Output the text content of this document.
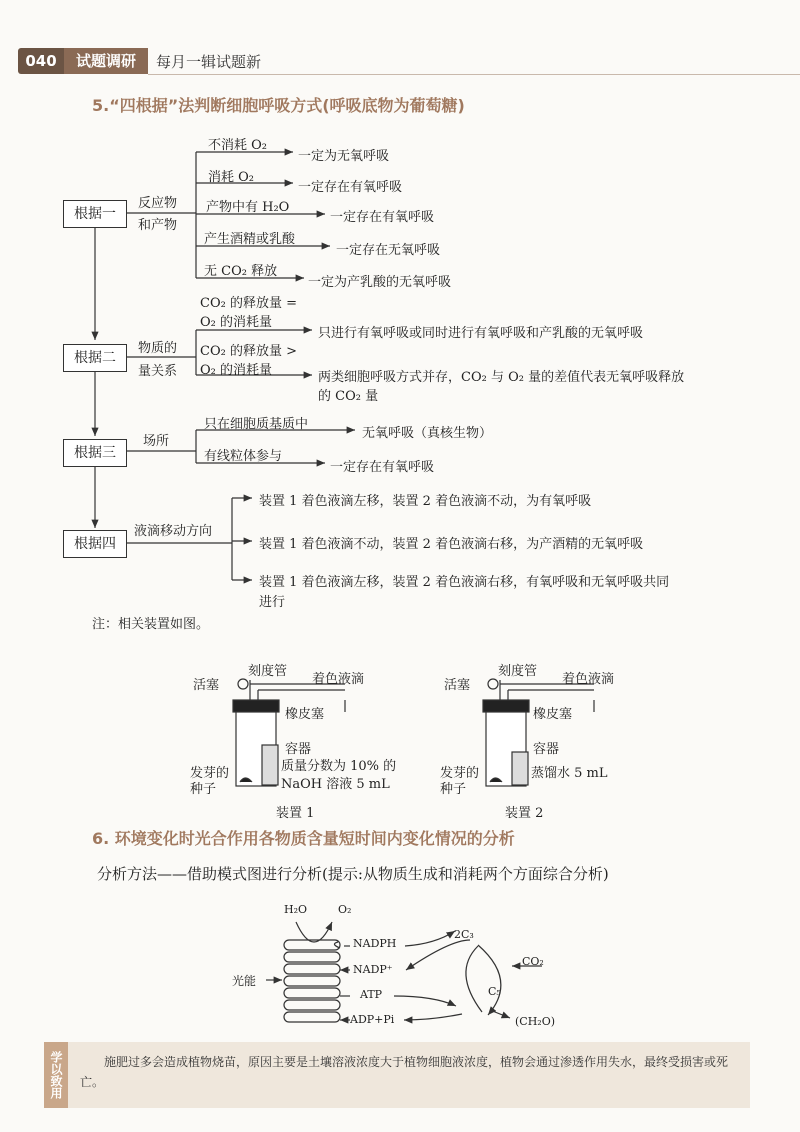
040	试题调研	每月一辑试题新
5.“四根据”法判断细胞呼吸方式(呼吸底物为葡萄糖)
根据一
根据二
根据三
根据四
反应物
和产物
不消耗 O₂
一定为无氧呼吸
消耗 O₂
一定存在有氧呼吸
产物中有 H₂O
一定存在有氧呼吸
产生酒精或乳酸
一定存在无氧呼吸
无 CO₂ 释放
一定为产乳酸的无氧呼吸
物质的
量关系
CO₂ 的释放量 =
O₂ 的消耗量
只进行有氧呼吸或同时进行有氧呼吸和产乳酸的无氧呼吸
CO₂ 的释放量 >
O₂ 的消耗量	两类细胞呼吸方式并存，CO₂ 与 O₂ 量的差值代表无氧呼吸释放
的 CO₂ 量
场所
只在细胞质基质中
无氧呼吸（真核生物）
有线粒体参与
一定存在有氧呼吸
液滴移动方向
装置 1 着色液滴左移，装置 2 着色液滴不动，为有氧呼吸
装置 1 着色液滴不动，装置 2 着色液滴右移，为产酒精的无氧呼吸
装置 1 着色液滴左移，装置 2 着色液滴右移，有氧呼吸和无氧呼吸共同
进行
注：相关装置如图。
活塞
刻度管
着色液滴
橡皮塞
容器
质量分数为 10% 的
NaOH 溶液 5 mL
发芽的
种子
装置 1
活塞
刻度管
着色液滴
橡皮塞
容器
蒸馏水 5 mL
发芽的
种子
装置 2
6. 环境变化时光合作用各物质含量短时间内变化情况的分析
分析方法——借助模式图进行分析(提示:从物质生成和消耗两个方面综合分析)
H₂O	O₂
NADPH
NADP⁺
ATP
ADP+Pi
光能
2C₃
CO₂
C₅
(CH₂O)
学以致用	施肥过多会造成植物烧苗，原因主要是土壤溶液浓度大于植物细胞液浓度，植物会通过渗透作用失水，最终受损害或死亡。
